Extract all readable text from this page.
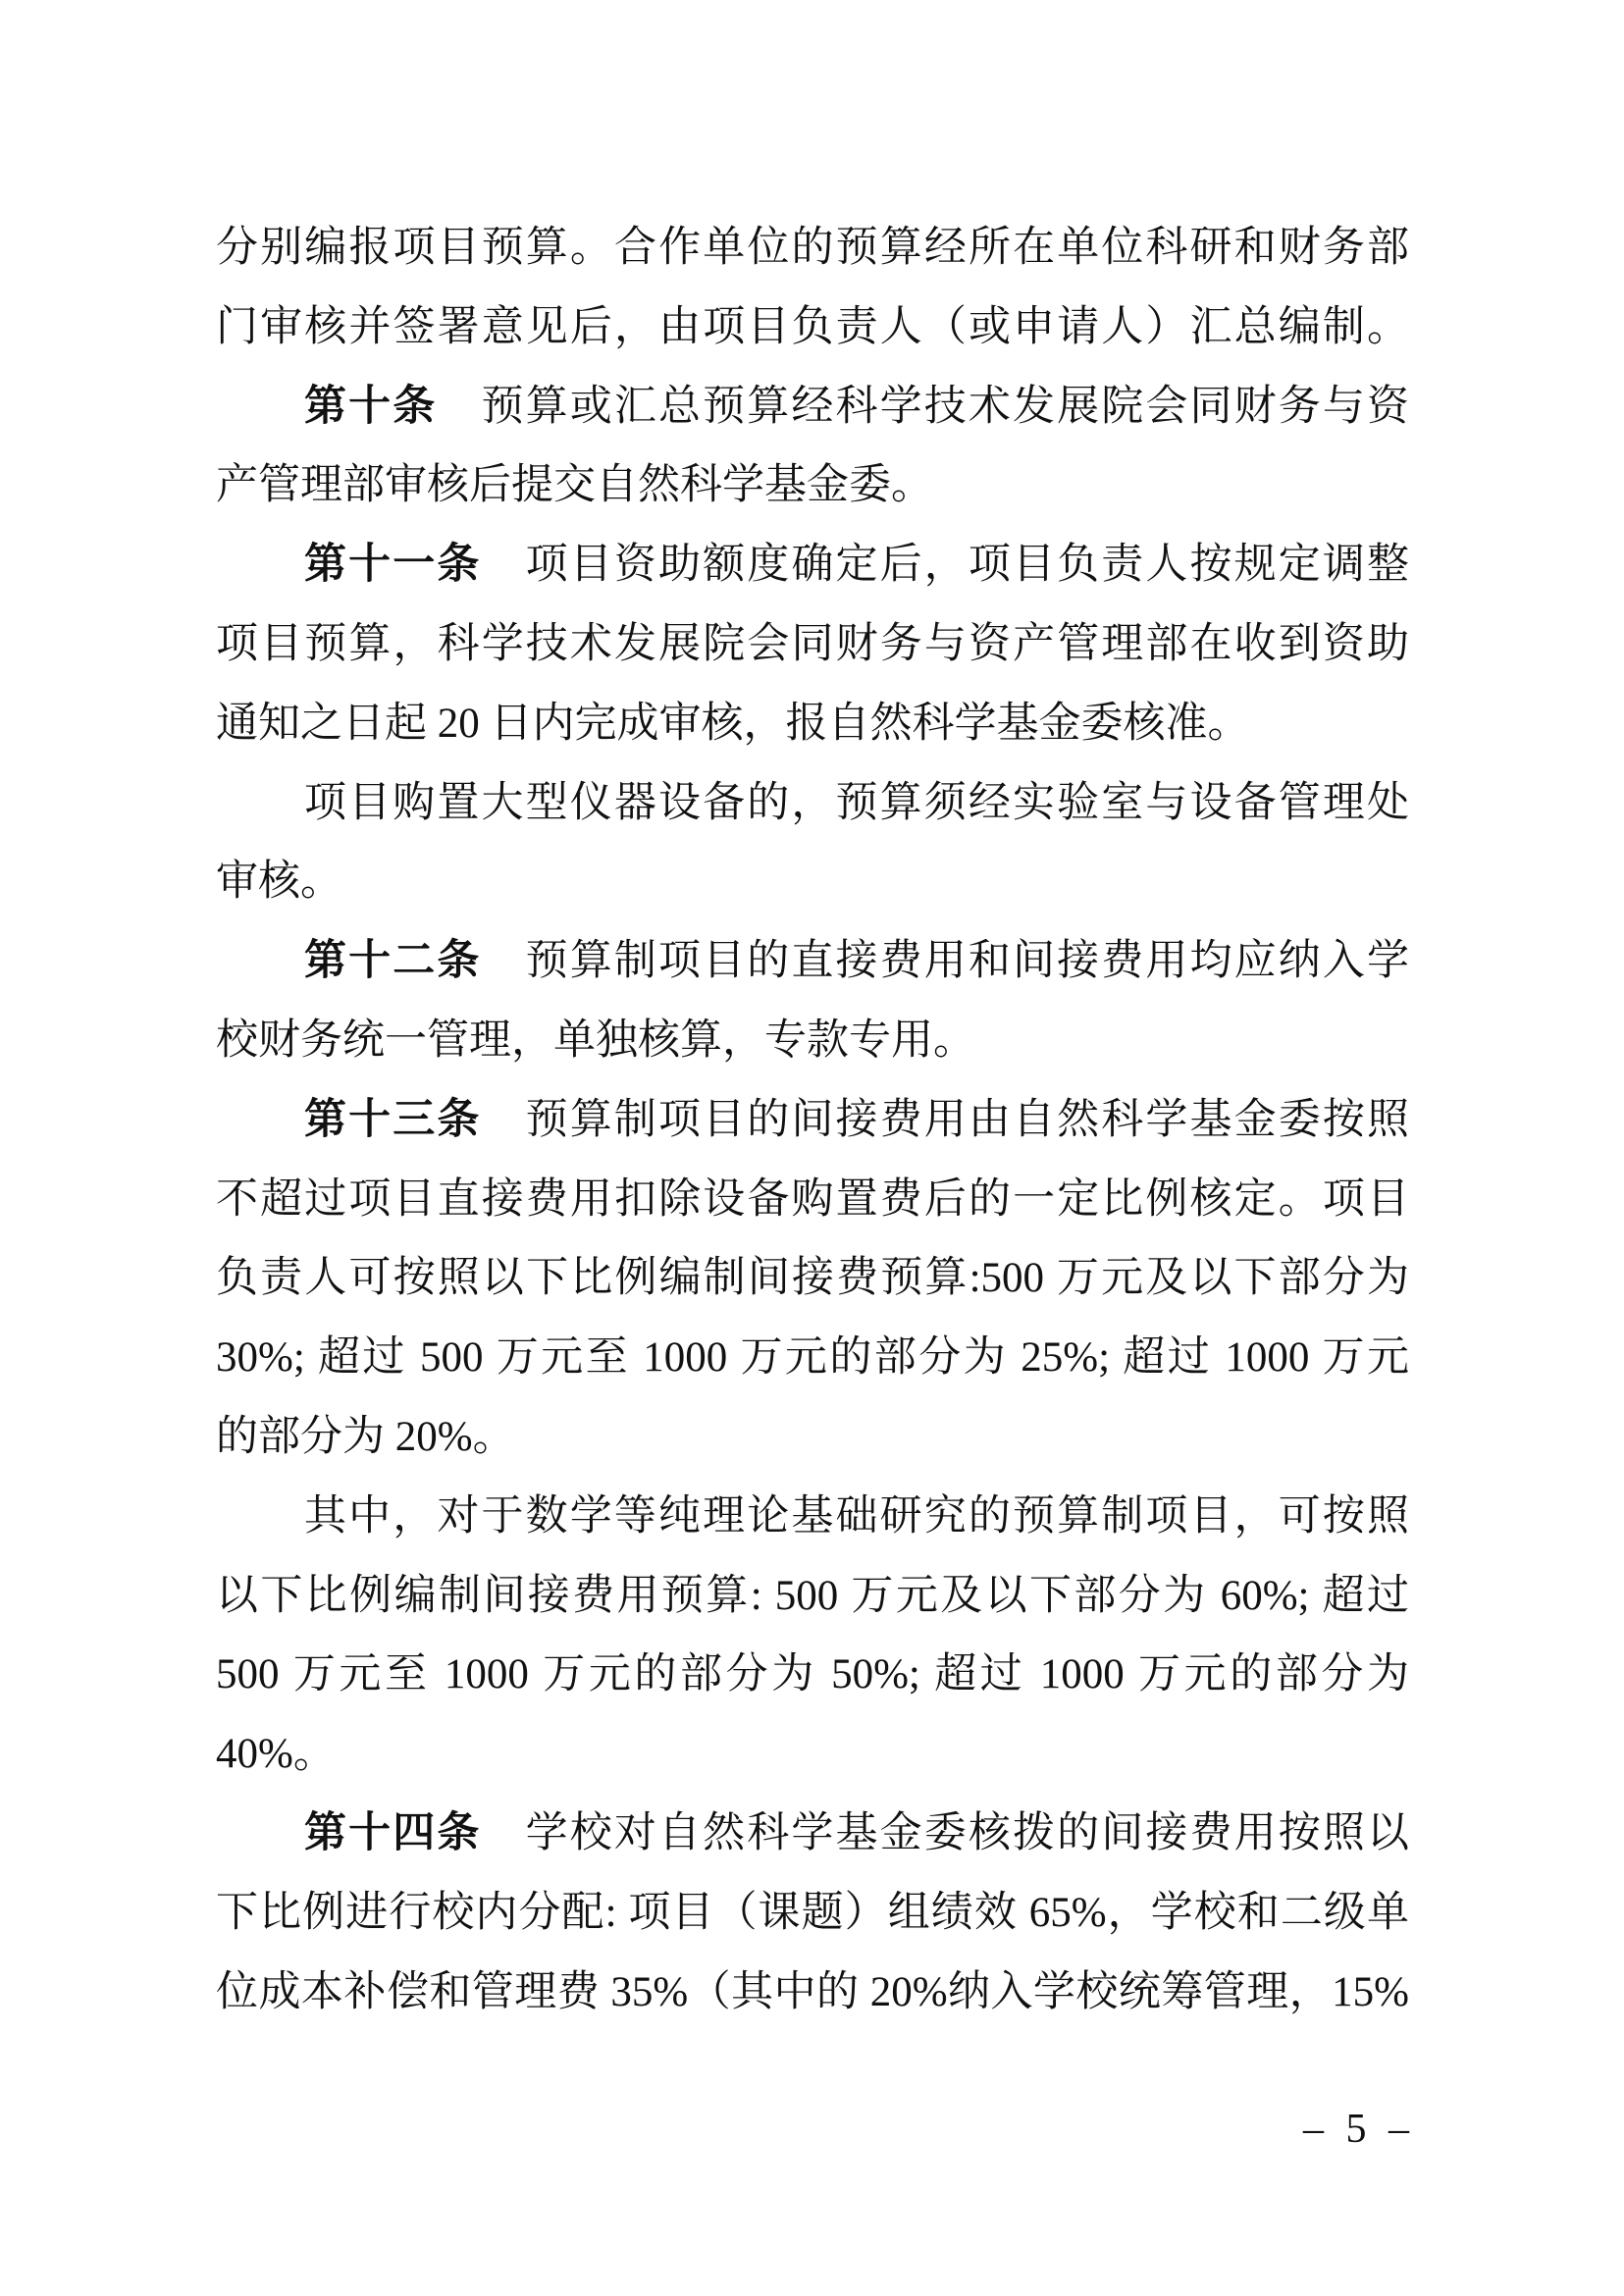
分别编报项目预算。合作单位的预算经所在单位科研和财务部
门审核并签署意见后，由项目负责人（或申请人）汇总编制。
第十条　预算或汇总预算经科学技术发展院会同财务与资
产管理部审核后提交自然科学基金委。
第十一条　项目资助额度确定后，项目负责人按规定调整
项目预算，科学技术发展院会同财务与资产管理部在收到资助
通知之日起 20 日内完成审核，报自然科学基金委核准。
项目购置大型仪器设备的，预算须经实验室与设备管理处
审核。
第十二条　预算制项目的直接费用和间接费用均应纳入学
校财务统一管理，单独核算，专款专用。
第十三条　预算制项目的间接费用由自然科学基金委按照
不超过项目直接费用扣除设备购置费后的一定比例核定。项目
负责人可按照以下比例编制间接费预算:500 万元及以下部分为
30%; 超过 500 万元至 1000 万元的部分为 25%; 超过 1000 万元
的部分为 20%。
其中，对于数学等纯理论基础研究的预算制项目，可按照
以下比例编制间接费用预算: 500 万元及以下部分为 60%; 超过
500 万元至 1000 万元的部分为 50%; 超过 1000 万元的部分为
40%。
第十四条　学校对自然科学基金委核拨的间接费用按照以
下比例进行校内分配: 项目（课题）组绩效 65%，学校和二级单
位成本补偿和管理费 35%（其中的 20%纳入学校统筹管理，15%
– 5 –
